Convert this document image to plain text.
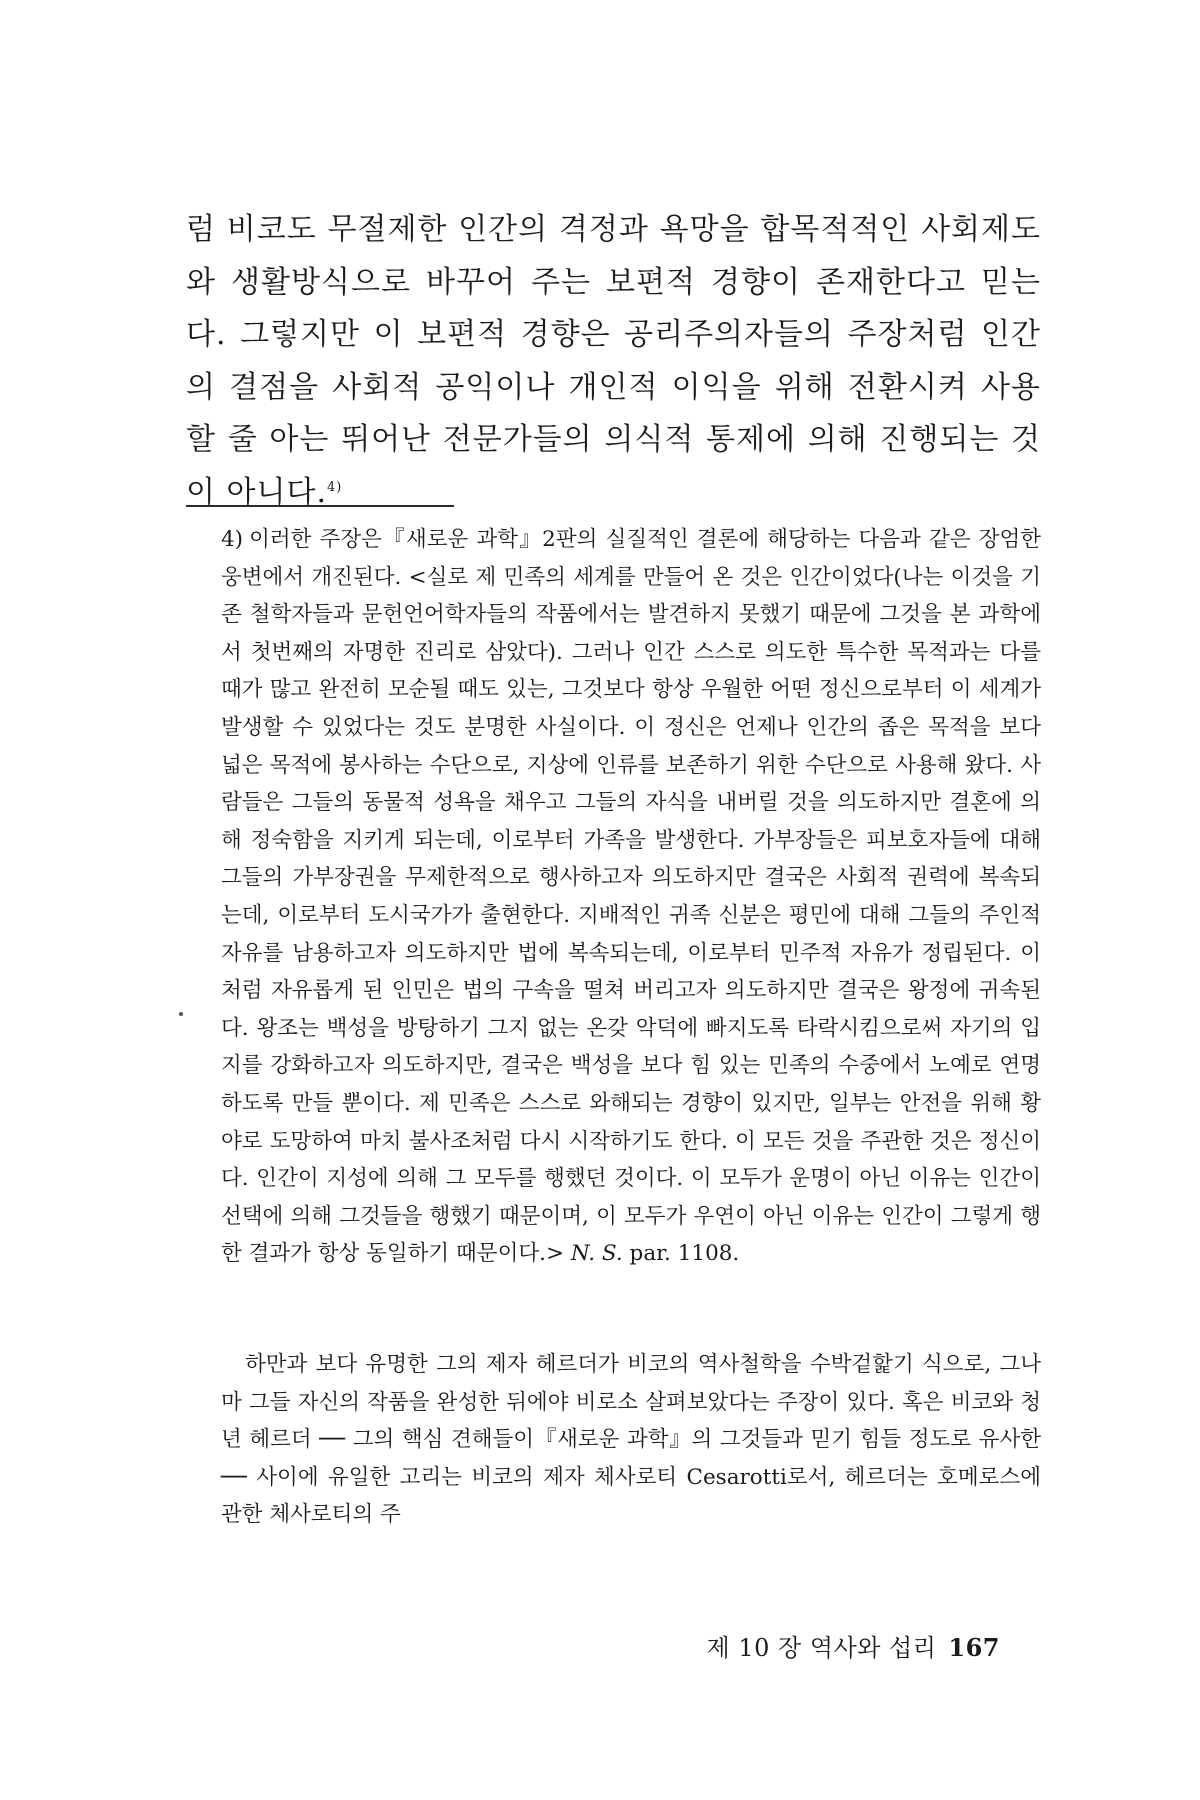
럼 비코도 무절제한 인간의 격정과 욕망을 합목적적인 사회제도와 생활방식으로 바꾸어 주는 보편적 경향이 존재한다고 믿는다. 그렇지만 이 보편적 경향은 공리주의자들의 주장처럼 인간의 결점을 사회적 공익이나 개인적 이익을 위해 전환시켜 사용할 줄 아는 뛰어난 전문가들의 의식적 통제에 의해 진행되는 것이 아니다.$^{4)}$

4) 이러한 주장은『새로운 과학』2판의 실질적인 결론에 해당하는 다음과 같은 장엄한 웅변에서 개진된다. <실로 제 민족의 세계를 만들어 온 것은 인간이었다(나는 이것을 기존 철학자들과 문헌언어학자들의 작품에서는 발견하지 못했기 때문에 그것을 본 과학에서 첫번째의 자명한 진리로 삼았다). 그러나 인간 스스로 의도한 특수한 목적과는 다를 때가 많고 완전히 모순될 때도 있는, 그것보다 항상 우월한 어떤 정신으로부터 이 세계가 발생할 수 있었다는 것도 분명한 사실이다. 이 정신은 언제나 인간의 좁은 목적을 보다 넓은 목적에 봉사하는 수단으로, 지상에 인류를 보존하기 위한 수단으로 사용해 왔다. 사람들은 그들의 동물적 성욕을 채우고 그들의 자식을 내버릴 것을 의도하지만 결혼에 의해 정숙함을 지키게 되는데, 이로부터 가족을 발생한다. 가부장들은 피보호자들에 대해 그들의 가부장권을 무제한적으로 행사하고자 의도하지만 결국은 사회적 권력에 복속되는데, 이로부터 도시국가가 출현한다. 지배적인 귀족 신분은 평민에 대해 그들의 주인적 자유를 남용하고자 의도하지만 법에 복속되는데, 이로부터 민주적 자유가 정립된다. 이처럼 자유롭게 된 인민은 법의 구속을 떨쳐 버리고자 의도하지만 결국은 왕정에 귀속된다. 왕조는 백성을 방탕하기 그지 없는 온갖 악덕에 빠지도록 타락시킴으로써 자기의 입지를 강화하고자 의도하지만, 결국은 백성을 보다 힘 있는 민족의 수중에서 노예로 연명하도록 만들 뿐이다. 제 민족은 스스로 와해되는 경향이 있지만, 일부는 안전을 위해 황야로 도망하여 마치 불사조처럼 다시 시작하기도 한다. 이 모든 것을 주관한 것은 정신이다. 인간이 지성에 의해 그 모두를 행했던 것이다. 이 모두가 운명이 아닌 이유는 인간이 선택에 의해 그것들을 행했기 때문이며, 이 모두가 우연이 아닌 이유는 인간이 그렇게 행한 결과가 항상 동일하기 때문이다.> N. S. par. 1108.

하만과 보다 유명한 그의 제자 헤르더가 비코의 역사철학을 수박겉핥기 식으로, 그나마 그들 자신의 작품을 완성한 뒤에야 비로소 살펴보았다는 주장이 있다. 혹은 비코와 청년 헤르더 ── 그의 핵심 견해들이『새로운 과학』의 그것들과 믿기 힘들 정도로 유사한 ── 사이에 유일한 고리는 비코의 제자 체사로티 Cesarotti로서, 헤르더는 호메로스에 관한 체사로티의 주

제 10 장 역사와 섭리 167
